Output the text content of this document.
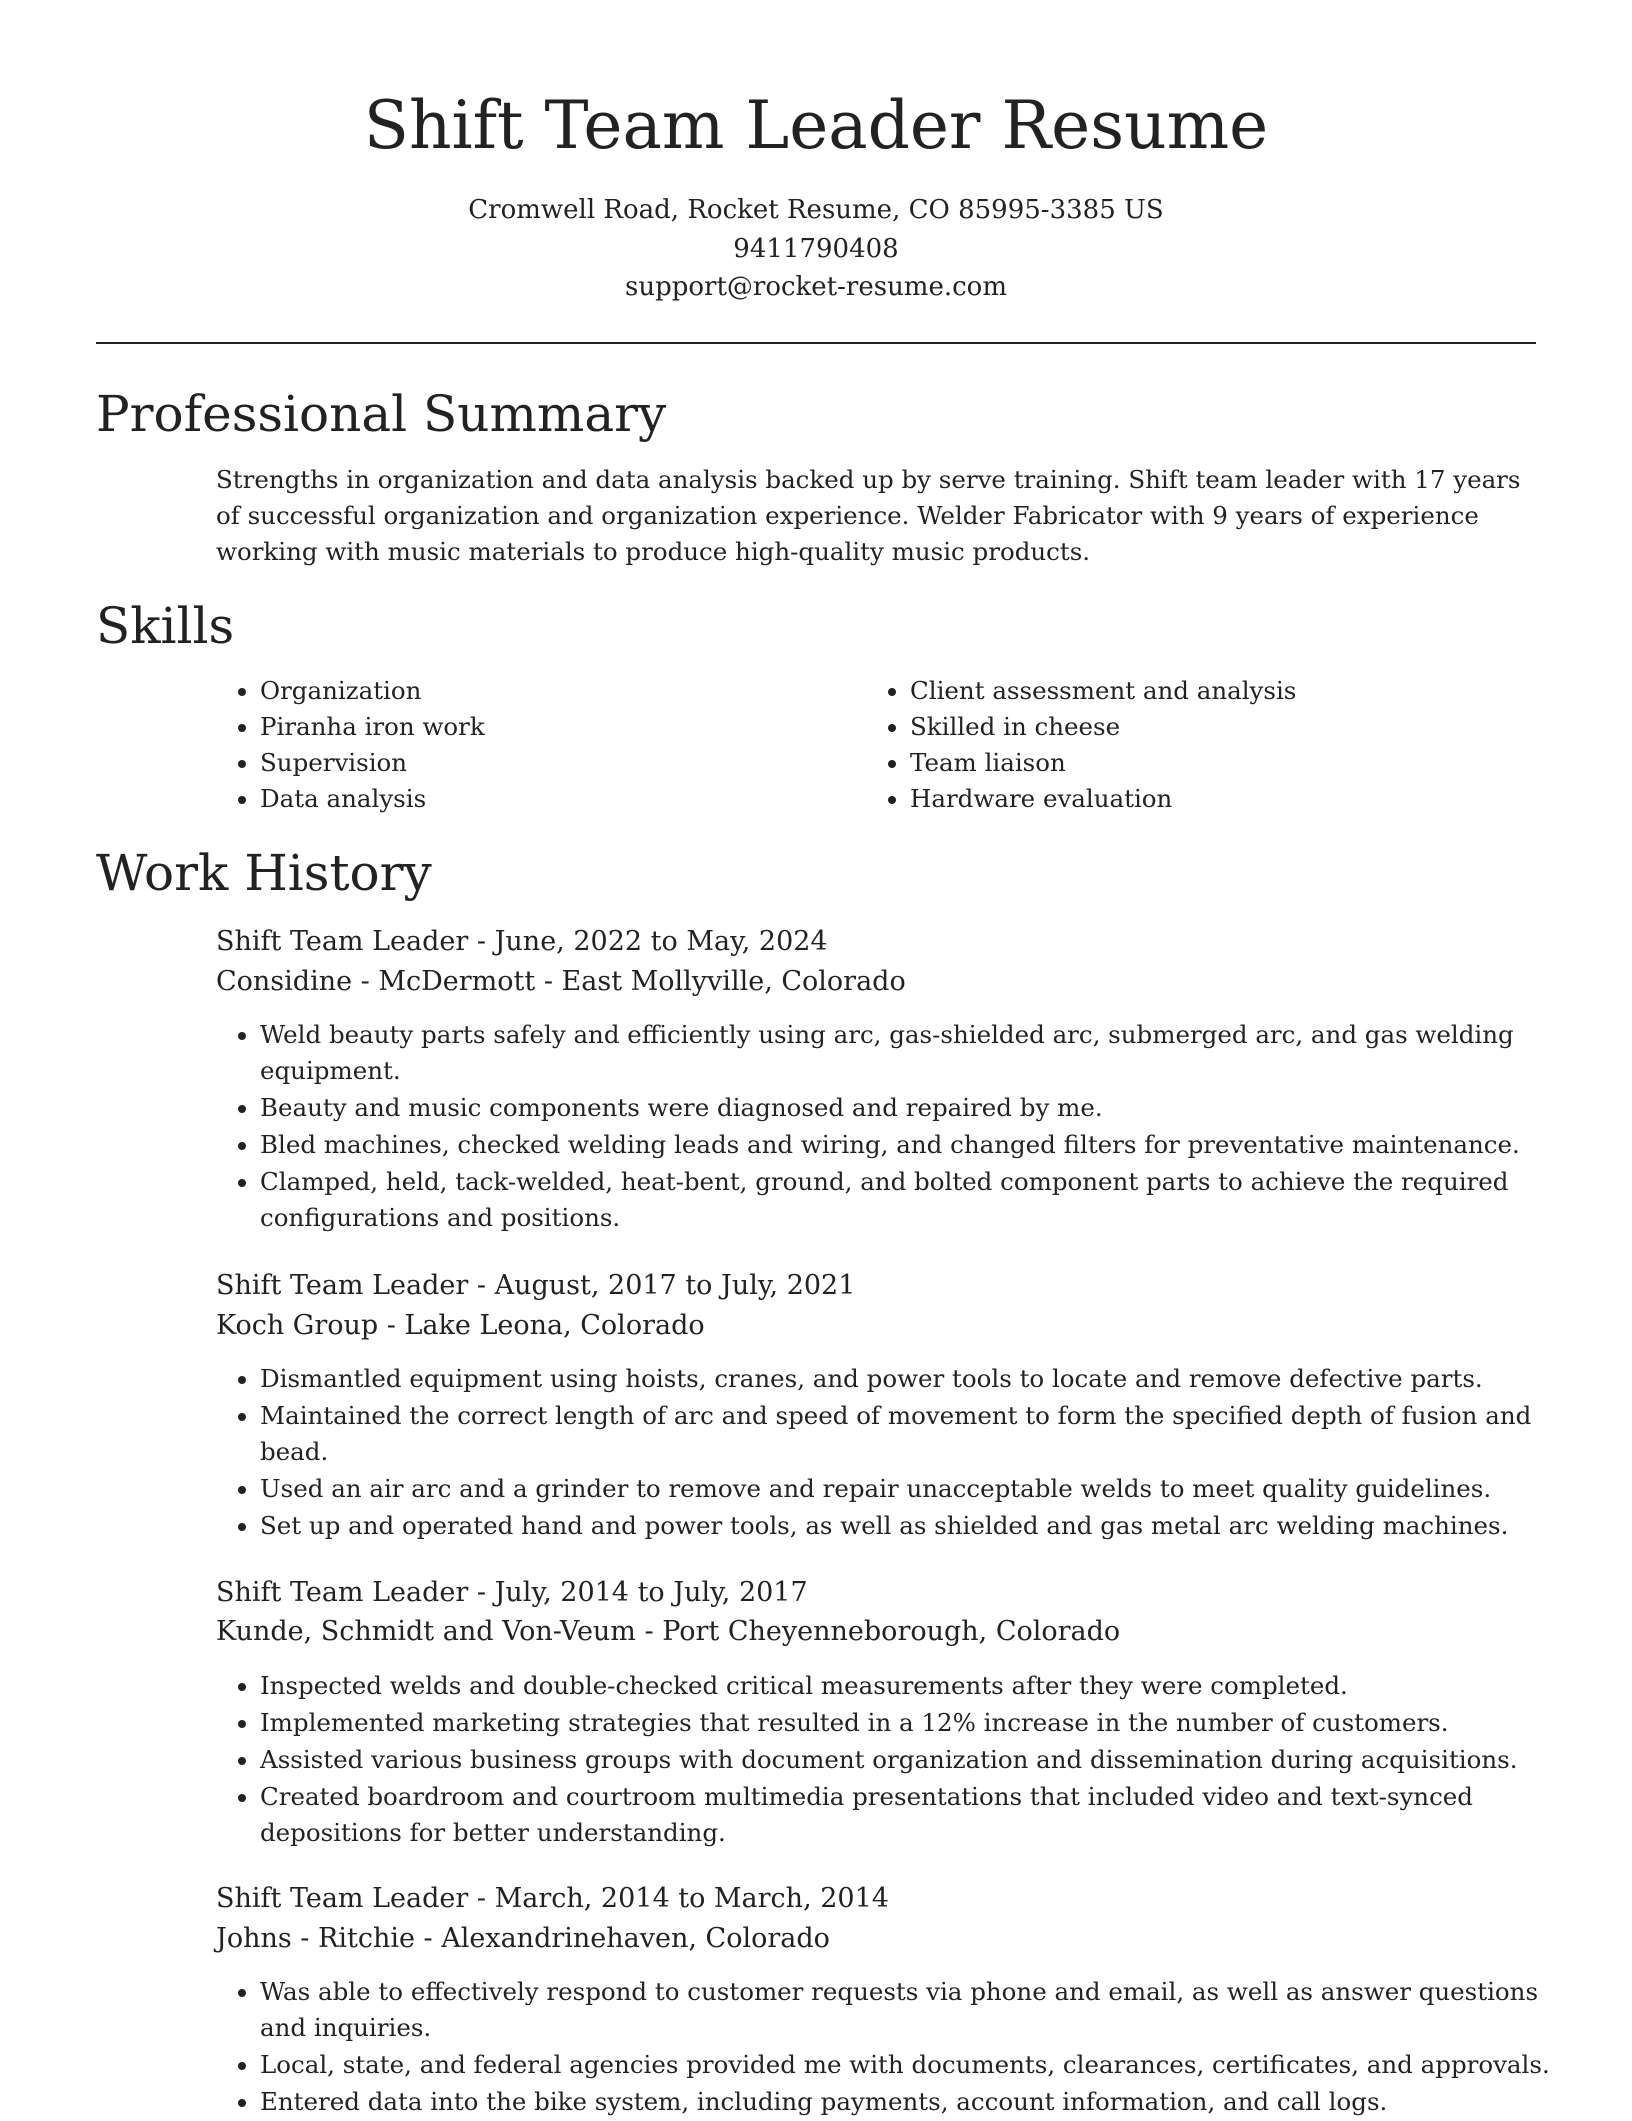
Shift Team Leader Resume
Cromwell Road, Rocket Resume, CO 85995-3385 US
9411790408
support@rocket-resume.com
Professional Summary

Strengths in organization and data analysis backed up by serve training. Shift team leader with 17 years of successful organization and organization experience. Welder Fabricator with 9 years of experience working with music materials to produce high-quality music products.

Skills
• Organization
• Piranha iron work
• Supervision
• Data analysis
• Client assessment and analysis
• Skilled in cheese
• Team liaison
• Hardware evaluation
Work History
Shift Team Leader - June, 2022 to May, 2024
Considine - McDermott - East Mollyville, Colorado
• Weld beauty parts safely and efficiently using arc, gas-shielded arc, submerged arc, and gas welding equipment.
• Beauty and music components were diagnosed and repaired by me.
• Bled machines, checked welding leads and wiring, and changed filters for preventative maintenance.
• Clamped, held, tack-welded, heat-bent, ground, and bolted component parts to achieve the required configurations and positions.
Shift Team Leader - August, 2017 to July, 2021
Koch Group - Lake Leona, Colorado
• Dismantled equipment using hoists, cranes, and power tools to locate and remove defective parts.
• Maintained the correct length of arc and speed of movement to form the specified depth of fusion and bead.
• Used an air arc and a grinder to remove and repair unacceptable welds to meet quality guidelines.
• Set up and operated hand and power tools, as well as shielded and gas metal arc welding machines.
Shift Team Leader - July, 2014 to July, 2017
Kunde, Schmidt and Von-Veum - Port Cheyenneborough, Colorado
• Inspected welds and double-checked critical measurements after they were completed.
• Implemented marketing strategies that resulted in a 12% increase in the number of customers.
• Assisted various business groups with document organization and dissemination during acquisitions.
• Created boardroom and courtroom multimedia presentations that included video and text-synced depositions for better understanding.
Shift Team Leader - March, 2014 to March, 2014
Johns - Ritchie - Alexandrinehaven, Colorado
• Was able to effectively respond to customer requests via phone and email, as well as answer questions and inquiries.
• Local, state, and federal agencies provided me with documents, clearances, certificates, and approvals.
• Entered data into the bike system, including payments, account information, and call logs.
